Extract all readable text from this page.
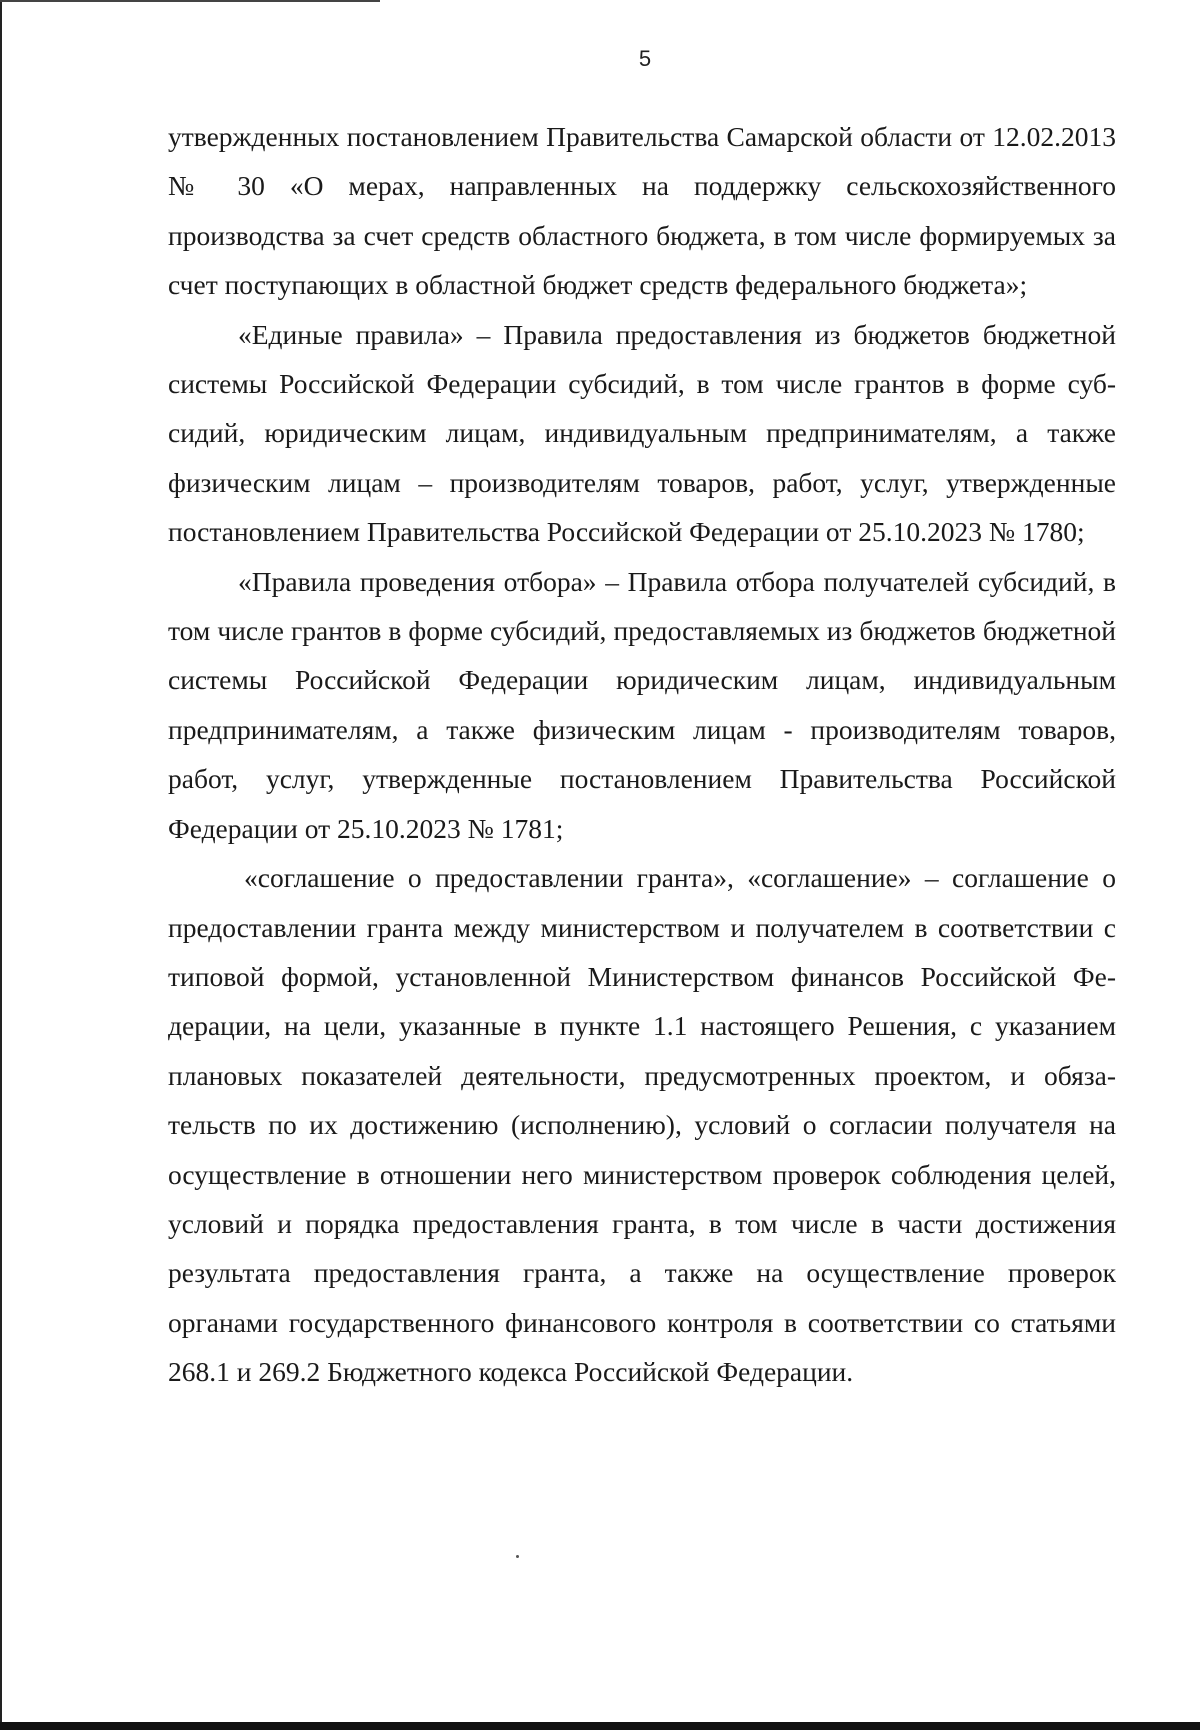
5

утвержденных постановлением Правительства Самарской области от 12.02.2013 № 30 «О мерах, направленных на поддержку сельскохозяйственного производства за счет средств областного бюджета, в том числе формируемых за счет поступающих в областной бюджет средств федерального бюджета»;

«Единые правила» – Правила предоставления из бюджетов бюджетной системы Российской Федерации субсидий, в том числе грантов в форме субсидий, юридическим лицам, индивидуальным предпринимателям, а также физическим лицам – производителям товаров, работ, услуг, утвержденные постановлением Правительства Российской Федерации от 25.10.2023 № 1780;

«Правила проведения отбора» – Правила отбора получателей субсидий, в том числе грантов в форме субсидий, предоставляемых из бюджетов бюджетной системы Российской Федерации юридическим лицам, индивидуальным предпринимателям, а также физическим лицам - производителям товаров, работ, услуг, утвержденные постановлением Правительства Российской Федерации от 25.10.2023 № 1781;

«соглашение о предоставлении гранта», «соглашение» – соглашение о предоставлении гранта между министерством и получателем в соответствии с типовой формой, установленной Министерством финансов Российской Федерации, на цели, указанные в пункте 1.1 настоящего Решения, с указанием плановых показателей деятельности, предусмотренных проектом, и обязательств по их достижению (исполнению), условий о согласии получателя на осуществление в отношении него министерством проверок соблюдения целей, условий и порядка предоставления гранта, в том числе в части достижения результата предоставления гранта, а также на осуществление проверок органами государственного финансового контроля в соответствии со статьями 268.1 и 269.2 Бюджетного кодекса Российской Федерации.
